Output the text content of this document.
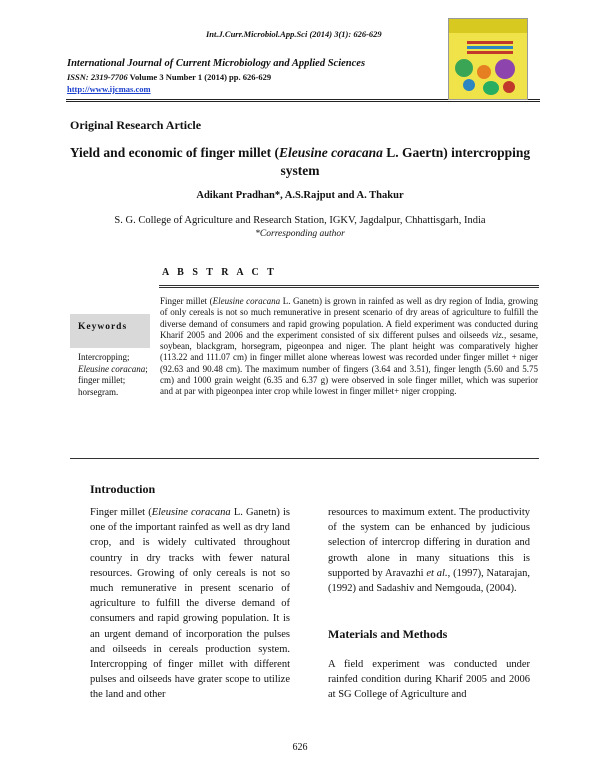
Int.J.Curr.Microbiol.App.Sci (2014) 3(1): 626-629
International Journal of Current Microbiology and Applied Sciences
ISSN: 2319-7706 Volume 3 Number 1 (2014) pp. 626-629
http://www.ijcmas.com
Original Research Article
Yield and economic of finger millet (Eleusine coracana L. Gaertn) intercropping system
Adikant Pradhan*, A.S.Rajput and A. Thakur
S. G. College of Agriculture and Research Station, IGKV, Jagdalpur, Chhattisgarh, India
*Corresponding author
A B S T R A C T
Keywords
Intercropping;
Eleusine coracana;
finger millet;
horsegram.
Finger millet (Eleusine coracana L. Ganetn) is grown in rainfed as well as dry region of India, growing of only cereals is not so much remunerative in present scenario of dry areas of agriculture to fulfill the diverse demand of consumers and rapid growing population. A field experiment was conducted during Kharif 2005 and 2006 and the experiment consisted of six different pulses and oilseeds viz., sesame, soybean, blackgram, horsegram, pigeonpea and niger. The plant height was comparatively higher (113.22 and 111.07 cm) in finger millet alone whereas lowest was recorded under finger millet + niger (92.63 and 90.48 cm). The maximum number of fingers (3.64 and 3.51), finger length (5.60 and 5.75 cm) and 1000 grain weight (6.35 and 6.37 g) were observed in sole finger millet, which was superior and at par with pigeonpea inter crop while lowest in finger millet+ niger cropping.
Introduction
Finger millet (Eleusine coracana L. Ganetn) is one of the important rainfed as well as dry land crop, and is widely cultivated throughout country in dry tracks with fewer natural resources. Growing of only cereals is not so much remunerative in present scenario of agriculture to fulfill the diverse demand of consumers and rapid growing population. It is an urgent demand of incorporation the pulses and oilseeds in cereals production system. Intercropping of finger millet with different pulses and oilseeds have grater scope to utilize the land and other
resources to maximum extent. The productivity of the system can be enhanced by judicious selection of intercrop differing in duration and growth alone in many situations this is supported by Aravazhi et al., (1997), Natarajan, (1992) and Sadashiv and Nemgouda, (2004).
Materials and Methods
A field experiment was conducted under rainfed condition during Kharif 2005 and 2006 at SG College of Agriculture and
626
